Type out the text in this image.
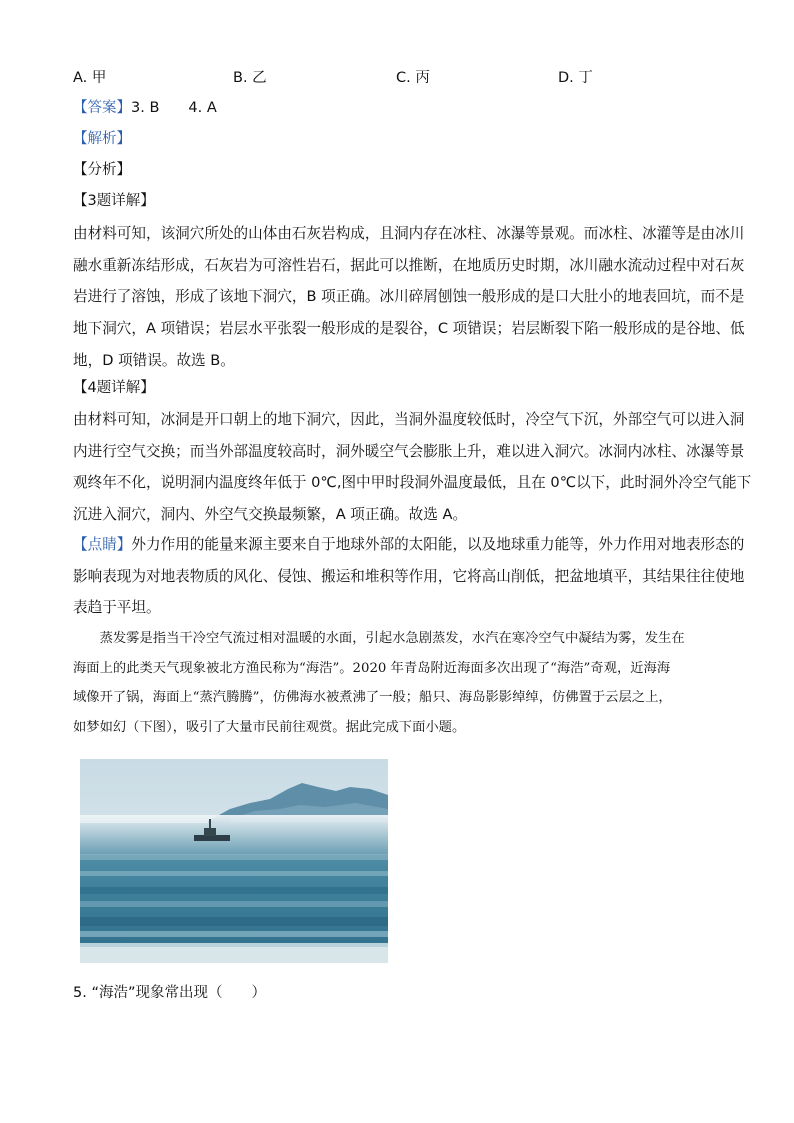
A. 甲	B. 乙	C. 丙	D. 丁
【答案】3. B　　4. A
【解析】
【分析】
【3题详解】
由材料可知，该洞穴所处的山体由石灰岩构成，且洞内存在冰柱、冰瀑等景观。而冰柱、冰灌等是由冰川
融水重新冻结形成，石灰岩为可溶性岩石，据此可以推断，在地质历史时期，冰川融水流动过程中对石灰
岩进行了溶蚀，形成了该地下洞穴，B 项正确。冰川碎屑刨蚀一般形成的是口大肚小的地表回坑，而不是
地下洞穴，A 项错误；岩层水平张裂一般形成的是裂谷，C 项错误；岩层断裂下陷一般形成的是谷地、低
地，D 项错误。故选 B。
【4题详解】
由材料可知，冰洞是开口朝上的地下洞穴，因此，当洞外温度较低时，冷空气下沉，外部空气可以进入洞
内进行空气交换；而当外部温度较高时，洞外暖空气会膨胀上升，难以进入洞穴。冰洞内冰柱、冰瀑等景
观终年不化，说明洞内温度终年低于 0℃,图中甲时段洞外温度最低，且在 0℃以下，此时洞外冷空气能下
沉进入洞穴，洞内、外空气交换最频繁，A 项正确。故选 A。
【点睛】外力作用的能量来源主要来自于地球外部的太阳能，以及地球重力能等，外力作用对地表形态的
影响表现为对地表物质的风化、侵蚀、搬运和堆积等作用，它将高山削低，把盆地填平，其结果往往使地
表趋于平坦。
　　蒸发雾是指当干冷空气流过相对温暖的水面，引起水急剧蒸发，水汽在寒冷空气中凝结为雾，发生在
海面上的此类天气现象被北方渔民称为“海浩”。2020 年青岛附近海面多次出现了“海浩”奇观，近海海
域像开了锅，海面上“蒸汽腾腾”，仿佛海水被煮沸了一般；船只、海岛影影绰绰，仿佛置于云层之上，
如梦如幻（下图），吸引了大量市民前往观赏。据此完成下面小题。
5. “海浩”现象常出现（　　）
